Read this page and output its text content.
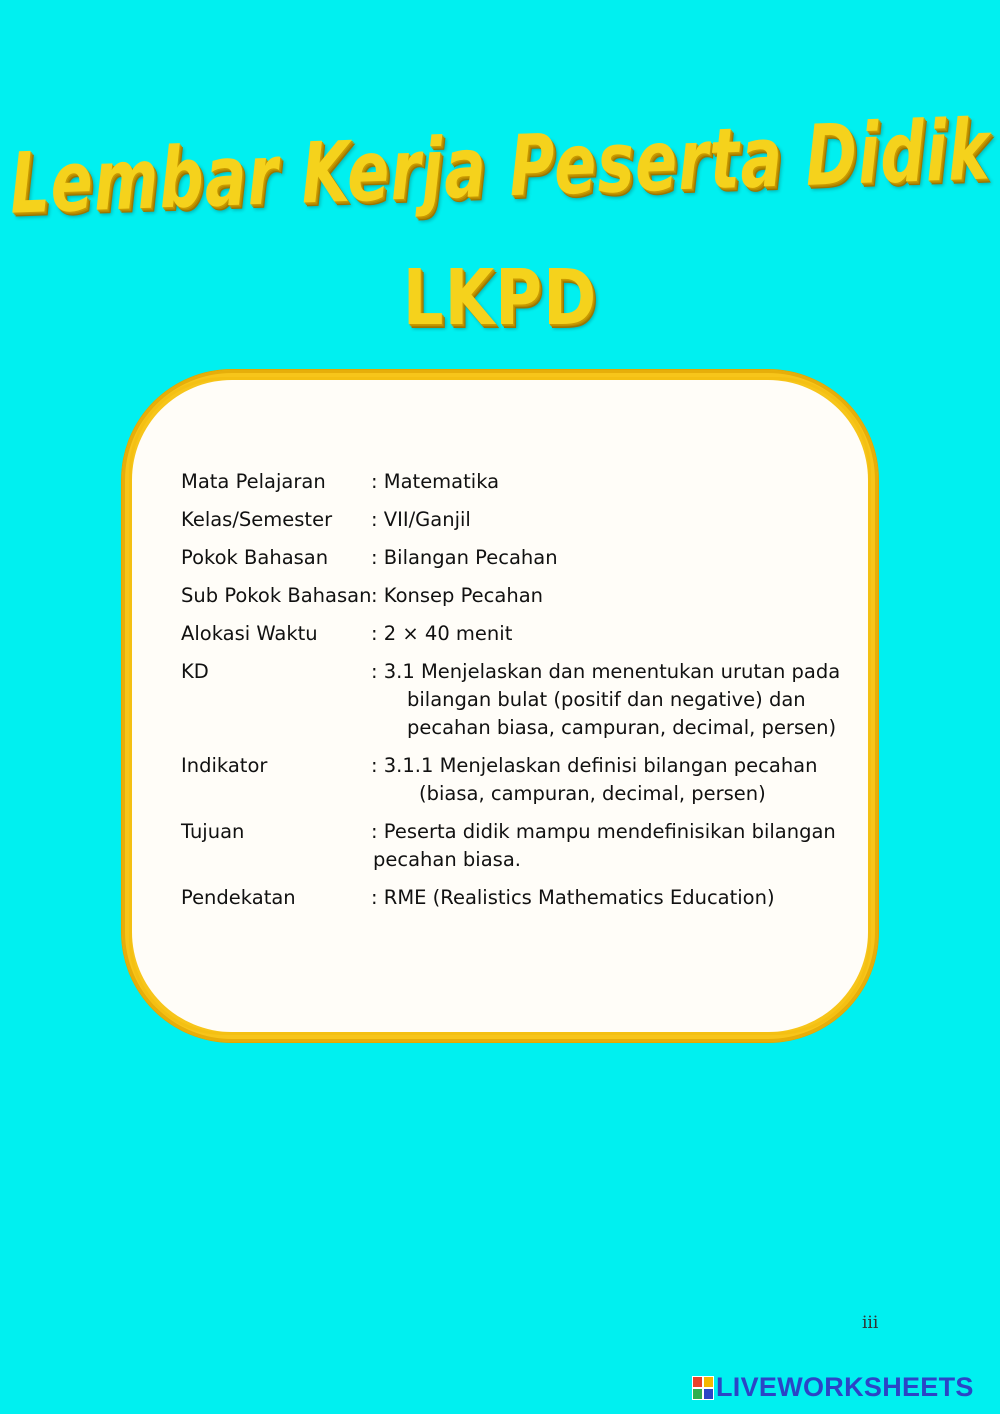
Lembar Kerja Peserta Didik
LKPD
Mata Pelajaran	: Matematika
Kelas/Semester	: VII/Ganjil
Pokok Bahasan	: Bilangan Pecahan
Sub Pokok Bahasan : Konsep Pecahan
Alokasi Waktu	: 2 × 40 menit
KD	: 3.1 Menjelaskan dan menentukan urutan pada
bilangan bulat (positif dan negative) dan
pecahan biasa, campuran, decimal, persen)
Indikator	: 3.1.1 Menjelaskan definisi bilangan pecahan
(biasa, campuran, decimal, persen)
Tujuan	: Peserta didik mampu mendefinisikan bilangan
pecahan biasa.
Pendekatan	: RME (Realistics Mathematics Education)
iii
LIVEWORKSHEETS
